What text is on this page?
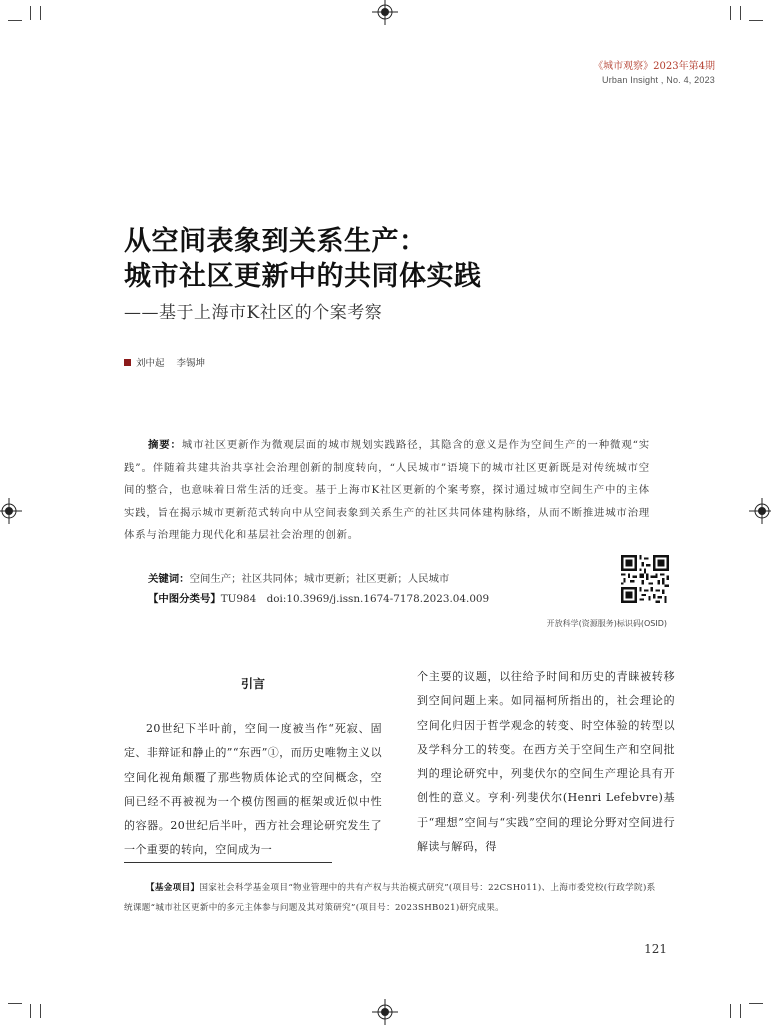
《城市观察》2023年第4期
Urban Insight , No. 4, 2023
从空间表象到关系生产：
城市社区更新中的共同体实践
——基于上海市K社区的个案考察
刘中起 李锡坤
摘要：城市社区更新作为微观层面的城市规划实践路径，其隐含的意义是作为空间生产的一种微观“实践”。伴随着共建共治共享社会治理创新的制度转向，“人民城市”语境下的城市社区更新既是对传统城市空间的整合，也意味着日常生活的迁变。基于上海市K社区更新的个案考察，探讨通过城市空间生产中的主体实践，旨在揭示城市更新范式转向中从空间表象到关系生产的社区共同体建构脉络，从而不断推进城市治理体系与治理能力现代化和基层社会治理的创新。
关键词：空间生产；社区共同体；城市更新；社区更新；人民城市
【中图分类号】TU984　doi:10.3969/j.issn.1674-7178.2023.04.009
开放科学(资源服务)标识码(OSID)
引言
20世纪下半叶前，空间一度被当作“死寂、固定、非辩证和静止的”“东西”①，而历史唯物主义以空间化视角颠覆了那些物质体论式的空间概念，空间已经不再被视为一个模仿图画的框架或近似中性的容器。20世纪后半叶，西方社会理论研究发生了一个重要的转向，空间成为一
个主要的议题，以往给予时间和历史的青睐被转移到空间问题上来。如同福柯所指出的，社会理论的空间化归因于哲学观念的转变、时空体验的转型以及学科分工的转变。在西方关于空间生产和空间批判的理论研究中，列斐伏尔的空间生产理论具有开创性的意义。亨利·列斐伏尔(Henri Lefebvre)基于“理想”空间与“实践”空间的理论分野对空间进行解读与解码，得
【基金项目】国家社会科学基金项目“物业管理中的共有产权与共治模式研究”(项目号：22CSH011)、上海市委党校(行政学院)系统课题“城市社区更新中的多元主体参与问题及其对策研究”(项目号：2023SHB021)研究成果。
121
